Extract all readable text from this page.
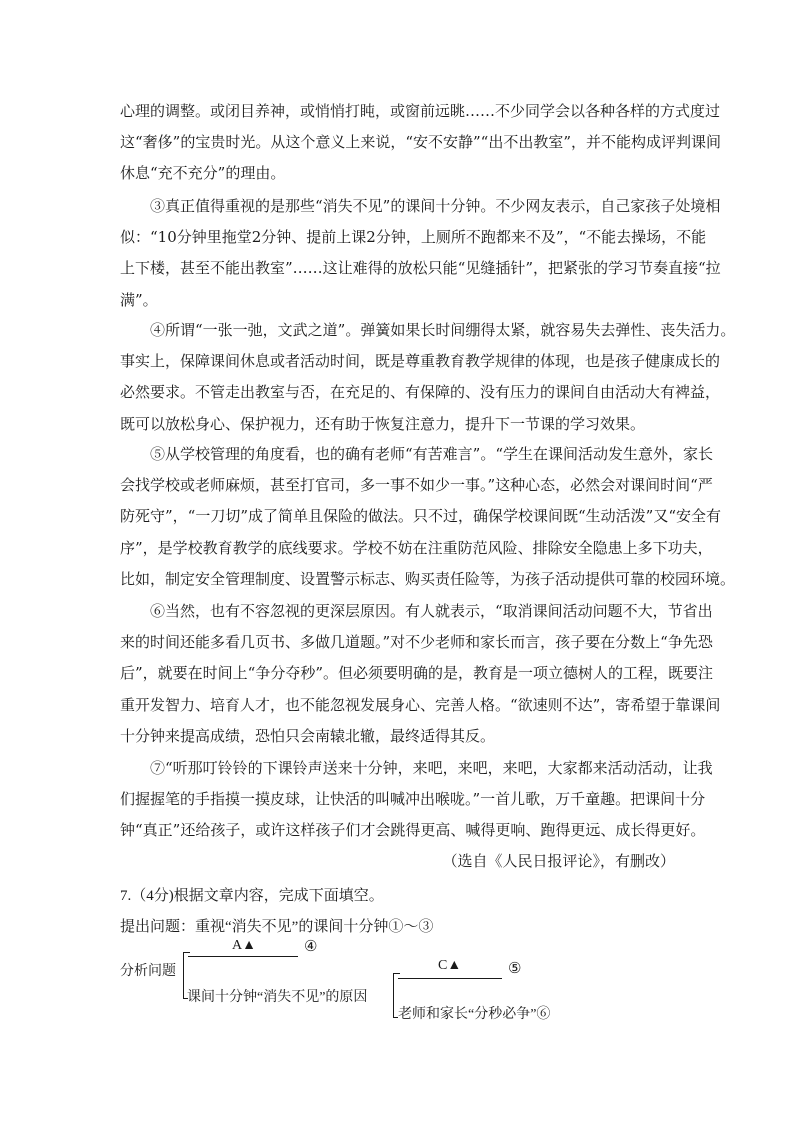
心理的调整。或闭目养神，或悄悄打盹，或窗前远眺……不少同学会以各种各样的方式度过
这“奢侈”的宝贵时光。从这个意义上来说，“安不安静”“出不出教室”，并不能构成评判课间
休息“充不充分”的理由。
③真正值得重视的是那些“消失不见”的课间十分钟。不少网友表示，自己家孩子处境相
似：“10分钟里拖堂2分钟、提前上课2分钟，上厕所不跑都来不及”，“不能去操场，不能
上下楼，甚至不能出教室”……这让难得的放松只能“见缝插针”，把紧张的学习节奏直接“拉
满”。
④所谓“一张一弛，文武之道”。弹簧如果长时间绷得太紧，就容易失去弹性、丧失活力。
事实上，保障课间休息或者活动时间，既是尊重教育教学规律的体现，也是孩子健康成长的
必然要求。不管走出教室与否，在充足的、有保障的、没有压力的课间自由活动大有裨益，
既可以放松身心、保护视力，还有助于恢复注意力，提升下一节课的学习效果。
⑤从学校管理的角度看，也的确有老师“有苦难言”。“学生在课间活动发生意外，家长
会找学校或老师麻烦，甚至打官司，多一事不如少一事。”这种心态，必然会对课间时间“严
防死守”，“一刀切”成了简单且保险的做法。只不过，确保学校课间既“生动活泼”又“安全有
序”，是学校教育教学的底线要求。学校不妨在注重防范风险、排除安全隐患上多下功夫，
比如，制定安全管理制度、设置警示标志、购买责任险等，为孩子活动提供可靠的校园环境。
⑥当然，也有不容忽视的更深层原因。有人就表示，“取消课间活动问题不大，节省出
来的时间还能多看几页书、多做几道题。”对不少老师和家长而言，孩子要在分数上“争先恐
后”，就要在时间上“争分夺秒”。但必须要明确的是，教育是一项立德树人的工程，既要注
重开发智力、培育人才，也不能忽视发展身心、完善人格。“欲速则不达”，寄希望于靠课间
十分钟来提高成绩，恐怕只会南辕北辙，最终适得其反。
⑦“听那叮铃铃的下课铃声送来十分钟，来吧，来吧，来吧，大家都来活动活动，让我
们握握笔的手指摸一摸皮球，让快活的叫喊冲出喉咙。”一首儿歌，万千童趣。把课间十分
钟“真正”还给孩子，或许这样孩子们才会跳得更高、喊得更响、跑得更远、成长得更好。
（选自《人民日报评论》，有删改）
7.（4分)根据文章内容，完成下面填空。
提出问题：重视“消失不见”的课间十分钟①～③
分析问题
A▲	④
课间十分钟“消失不见”的原因
C▲	⑤
老师和家长“分秒必争”⑥
